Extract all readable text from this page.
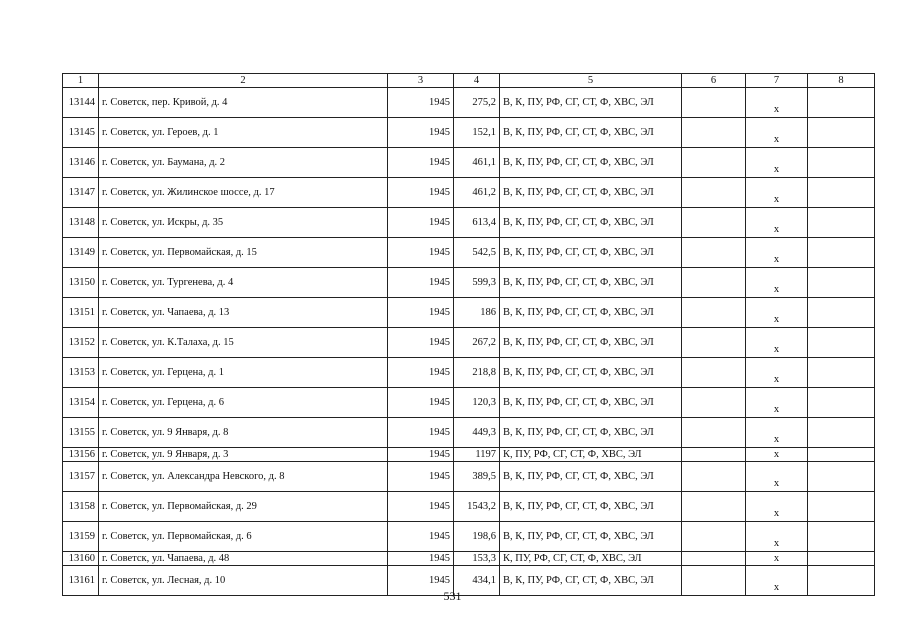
1	2	3	4	5	6	7	8
13144	г. Советск, пер. Кривой, д. 4	1945	275,2	В, К, ПУ, РФ, СГ, СТ, Ф, ХВС, ЭЛ		х	
13145	г. Советск, ул. Героев, д. 1	1945	152,1	В, К, ПУ, РФ, СГ, СТ, Ф, ХВС, ЭЛ		х	
13146	г. Советск, ул. Баумана, д. 2	1945	461,1	В, К, ПУ, РФ, СГ, СТ, Ф, ХВС, ЭЛ		х	
13147	г. Советск, ул. Жилинское шоссе, д. 17	1945	461,2	В, К, ПУ, РФ, СГ, СТ, Ф, ХВС, ЭЛ		х	
13148	г. Советск, ул. Искры, д. 35	1945	613,4	В, К, ПУ, РФ, СГ, СТ, Ф, ХВС, ЭЛ		х	
13149	г. Советск, ул. Первомайская, д. 15	1945	542,5	В, К, ПУ, РФ, СГ, СТ, Ф, ХВС, ЭЛ		х	
13150	г. Советск, ул. Тургенева, д. 4	1945	599,3	В, К, ПУ, РФ, СГ, СТ, Ф, ХВС, ЭЛ		х	
13151	г. Советск, ул. Чапаева, д. 13	1945	186	В, К, ПУ, РФ, СГ, СТ, Ф, ХВС, ЭЛ		х	
13152	г. Советск, ул. К.Талаха, д. 15	1945	267,2	В, К, ПУ, РФ, СГ, СТ, Ф, ХВС, ЭЛ		х	
13153	г. Советск, ул. Герцена, д. 1	1945	218,8	В, К, ПУ, РФ, СГ, СТ, Ф, ХВС, ЭЛ		х	
13154	г. Советск, ул. Герцена, д. 6	1945	120,3	В, К, ПУ, РФ, СГ, СТ, Ф, ХВС, ЭЛ		х	
13155	г. Советск, ул. 9 Января, д. 8	1945	449,3	В, К, ПУ, РФ, СГ, СТ, Ф, ХВС, ЭЛ		х	
13156	г. Советск, ул. 9 Января, д. 3	1945	1197	К, ПУ, РФ, СГ, СТ, Ф, ХВС, ЭЛ		х	
13157	г. Советск, ул. Александра Невского, д. 8	1945	389,5	В, К, ПУ, РФ, СГ, СТ, Ф, ХВС, ЭЛ		х	
13158	г. Советск, ул. Первомайская, д. 29	1945	1543,2	В, К, ПУ, РФ, СГ, СТ, Ф, ХВС, ЭЛ		х	
13159	г. Советск, ул. Первомайская, д. 6	1945	198,6	В, К, ПУ, РФ, СГ, СТ, Ф, ХВС, ЭЛ		х	
13160	г. Советск, ул. Чапаева, д. 48	1945	153,3	К, ПУ, РФ, СГ, СТ, Ф, ХВС, ЭЛ		х	
13161	г. Советск, ул. Лесная, д. 10	1945	434,1	В, К, ПУ, РФ, СГ, СТ, Ф, ХВС, ЭЛ		х	
531
